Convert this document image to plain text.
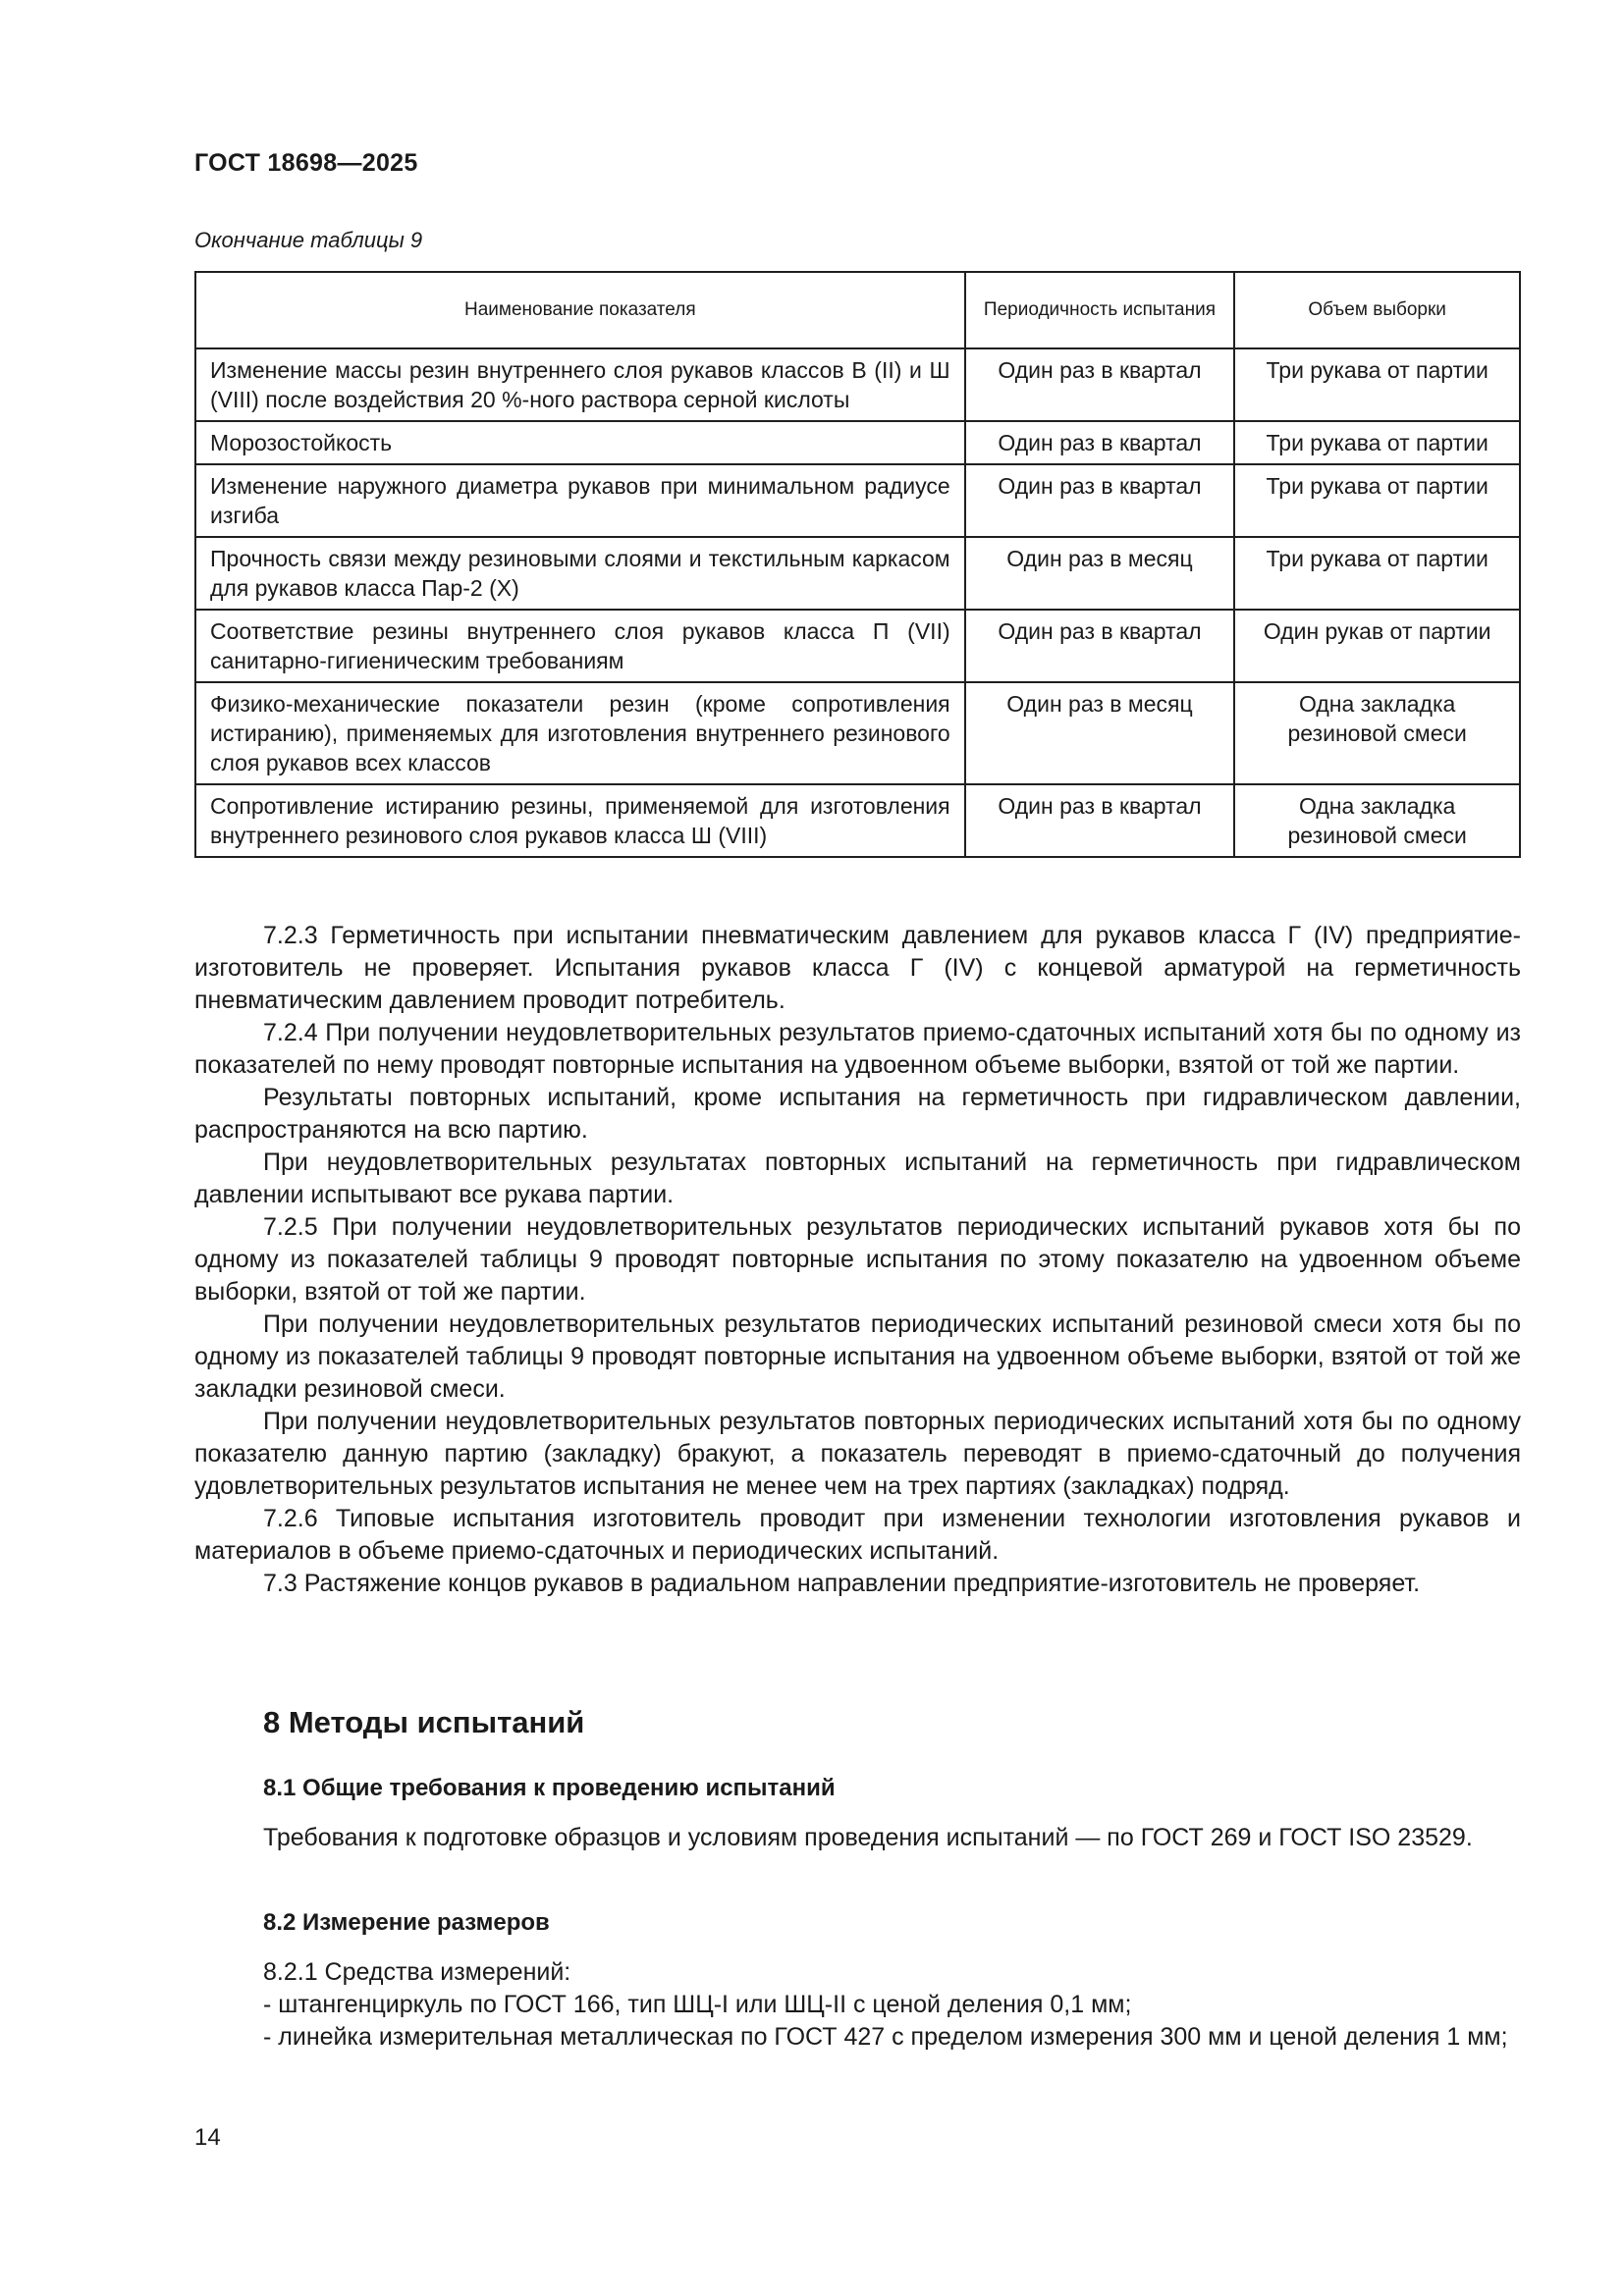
ГОСТ 18698—2025
Окончание таблицы 9
Наименование показателя	Периодичность испытания	Объем выборки
Изменение массы резин внутреннего слоя рукавов классов В (II) и Ш (VIII) после воздействия 20 %-ного раствора серной кислоты	Один раз в квартал	Три рукава от партии
Морозостойкость	Один раз в квартал	Три рукава от партии
Изменение наружного диаметра рукавов при минимальном радиусе изгиба	Один раз в квартал	Три рукава от партии
Прочность связи между резиновыми слоями и текстильным каркасом для рукавов класса Пар-2 (X)	Один раз в месяц	Три рукава от партии
Соответствие резины внутреннего слоя рукавов класса П (VII) санитарно-гигиеническим требованиям	Один раз в квартал	Один рукав от партии
Физико-механические показатели резин (кроме сопротивления истиранию), применяемых для изготовления внутреннего резинового слоя рукавов всех классов	Один раз в месяц	Одна закладка резиновой смеси
Сопротивление истиранию резины, применяемой для изготовления внутреннего резинового слоя рукавов класса Ш (VIII)	Один раз в квартал	Одна закладка резиновой смеси

7.2.3 Герметичность при испытании пневматическим давлением для рукавов класса Г (IV) предприятие-изготовитель не проверяет. Испытания рукавов класса Г (IV) с концевой арматурой на герметичность пневматическим давлением проводит потребитель.

7.2.4 При получении неудовлетворительных результатов приемо-сдаточных испытаний хотя бы по одному из показателей по нему проводят повторные испытания на удвоенном объеме выборки, взятой от той же партии.

Результаты повторных испытаний, кроме испытания на герметичность при гидравлическом давлении, распространяются на всю партию.

При неудовлетворительных результатах повторных испытаний на герметичность при гидравлическом давлении испытывают все рукава партии.

7.2.5 При получении неудовлетворительных результатов периодических испытаний рукавов хотя бы по одному из показателей таблицы 9 проводят повторные испытания по этому показателю на удвоенном объеме выборки, взятой от той же партии.

При получении неудовлетворительных результатов периодических испытаний резиновой смеси хотя бы по одному из показателей таблицы 9 проводят повторные испытания на удвоенном объеме выборки, взятой от той же закладки резиновой смеси.

При получении неудовлетворительных результатов повторных периодических испытаний хотя бы по одному показателю данную партию (закладку) бракуют, а показатель переводят в приемо-сдаточный до получения удовлетворительных результатов испытания не менее чем на трех партиях (закладках) подряд.

7.2.6 Типовые испытания изготовитель проводит при изменении технологии изготовления рукавов и материалов в объеме приемо-сдаточных и периодических испытаний.

7.3 Растяжение концов рукавов в радиальном направлении предприятие-изготовитель не проверяет.

8 Методы испытаний
8.1 Общие требования к проведению испытаний

Требования к подготовке образцов и условиям проведения испытаний — по ГОСТ 269 и ГОСТ ISO 23529.

8.2 Измерение размеров

8.2.1 Средства измерений:

- штангенциркуль по ГОСТ 166, тип ШЦ-I или ШЦ-II с ценой деления 0,1 мм;

- линейка измерительная металлическая по ГОСТ 427 с пределом измерения 300 мм и ценой деления 1 мм;

14
